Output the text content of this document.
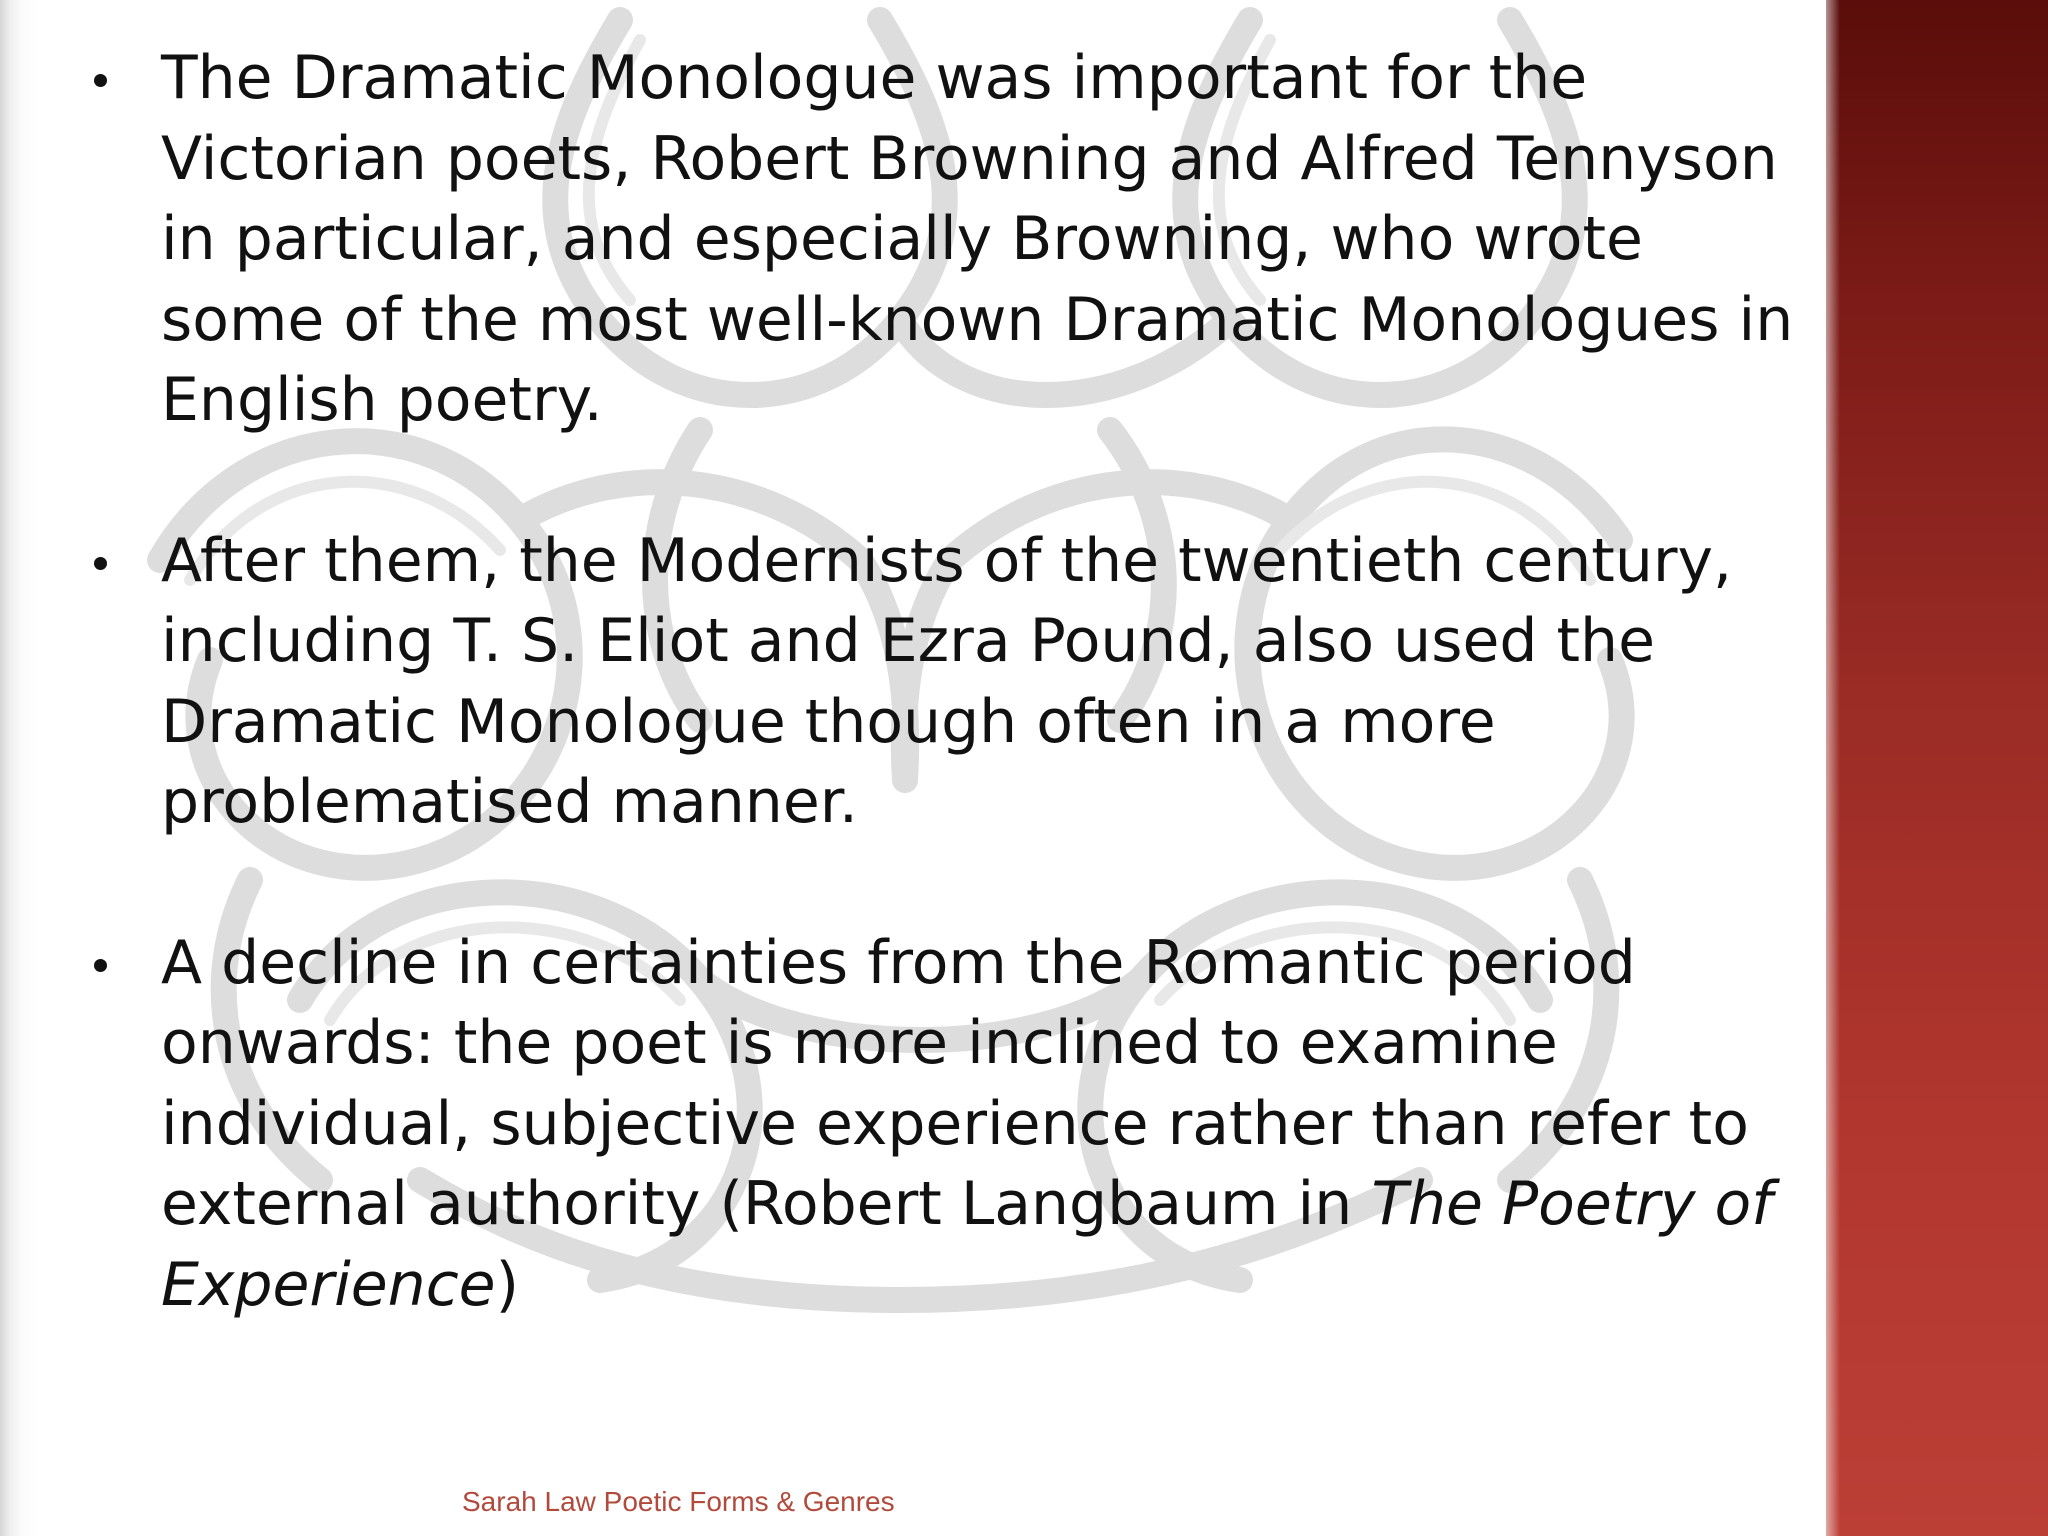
The Dramatic Monologue was important for the Victorian poets, Robert Browning and Alfred Tennyson in particular, and especially Browning, who wrote some of the most well-known Dramatic Monologues in English poetry.
After them, the Modernists of the twentieth century, including T. S. Eliot and Ezra Pound, also used the Dramatic Monologue though often in a more problematised manner.
A decline in certainties from the Romantic period onwards: the poet is more inclined to examine individual, subjective experience rather than refer to external authority (Robert Langbaum in The Poetry of Experience)
Sarah Law Poetic Forms & Genres
